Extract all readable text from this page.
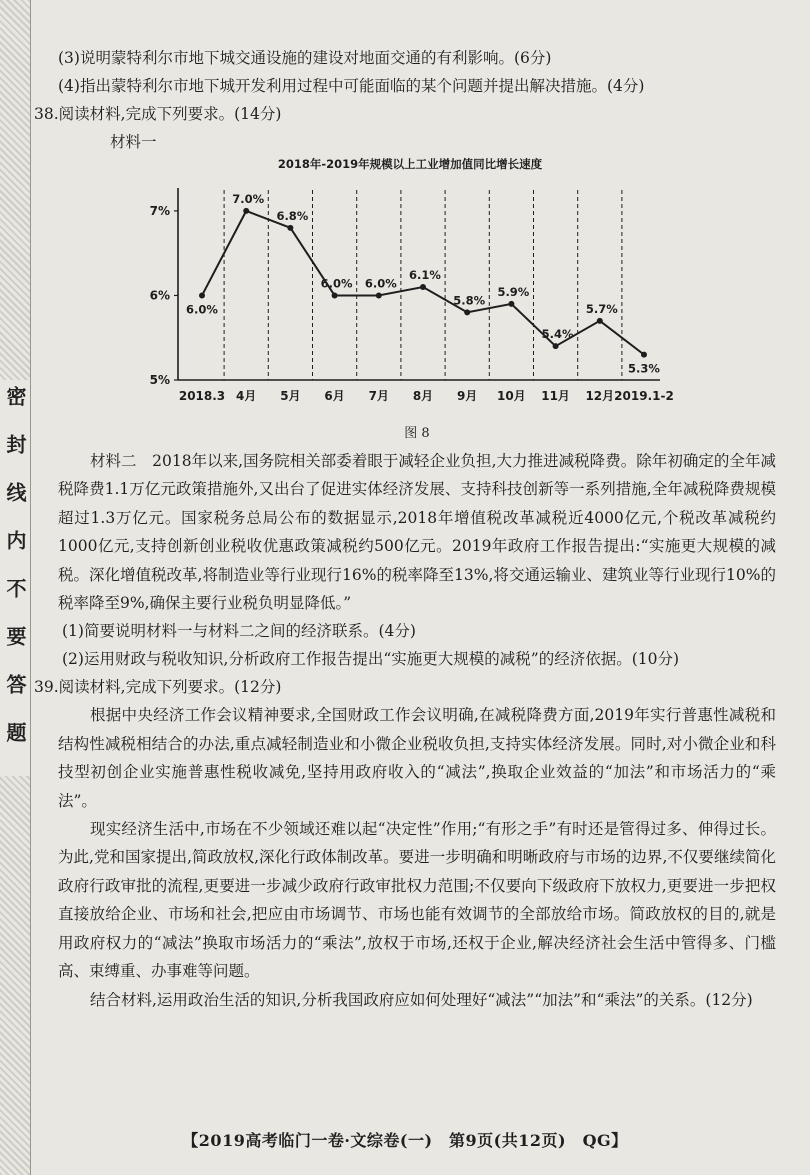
密封线内不要答题
(3)说明蒙特利尔市地下城交通设施的建设对地面交通的有利影响。(6分)
(4)指出蒙特利尔市地下城开发利用过程中可能面临的某个问题并提出解决措施。(4分)
38.阅读材料,完成下列要求。(14分)
材料一
2018年-2019年规模以上工业增加值同比增长速度
5%
6%
7%
6.0%
2018.3
7.0%
4月
6.8%
5月
6.0%
6月
6.0%
7月
6.1%
8月
5.8%
9月
5.9%
10月
5.4%
11月
5.7%
12月
5.3%
2019.1-2
图 8

材料二　2018年以来,国务院相关部委着眼于减轻企业负担,大力推进减税降费。除年初确定的全年减税降费1.1万亿元政策措施外,又出台了促进实体经济发展、支持科技创新等一系列措施,全年减税降费规模超过1.3万亿元。国家税务总局公布的数据显示,2018年增值税改革减税近4000亿元,个税改革减税约1000亿元,支持创新创业税收优惠政策减税约500亿元。2019年政府工作报告提出:“实施更大规模的减税。深化增值税改革,将制造业等行业现行16%的税率降至13%,将交通运输业、建筑业等行业现行10%的税率降至9%,确保主要行业税负明显降低。”

(1)简要说明材料一与材料二之间的经济联系。(4分)
(2)运用财政与税收知识,分析政府工作报告提出“实施更大规模的减税”的经济依据。(10分)
39.阅读材料,完成下列要求。(12分)

根据中央经济工作会议精神要求,全国财政工作会议明确,在减税降费方面,2019年实行普惠性减税和结构性减税相结合的办法,重点减轻制造业和小微企业税收负担,支持实体经济发展。同时,对小微企业和科技型初创企业实施普惠性税收减免,坚持用政府收入的“减法”,换取企业效益的“加法”和市场活力的“乘法”。

现实经济生活中,市场在不少领域还难以起“决定性”作用;“有形之手”有时还是管得过多、伸得过长。为此,党和国家提出,简政放权,深化行政体制改革。要进一步明确和明晰政府与市场的边界,不仅要继续简化政府行政审批的流程,更要进一步减少政府行政审批权力范围;不仅要向下级政府下放权力,更要进一步把权直接放给企业、市场和社会,把应由市场调节、市场也能有效调节的全部放给市场。简政放权的目的,就是用政府权力的“减法”换取市场活力的“乘法”,放权于市场,还权于企业,解决经济社会生活中管得多、门槛高、束缚重、办事难等问题。

结合材料,运用政治生活的知识,分析我国政府应如何处理好“减法”“加法”和“乘法”的关系。(12分)

【2019高考临门一卷·文综卷(一)　第9页(共12页)　QG】
